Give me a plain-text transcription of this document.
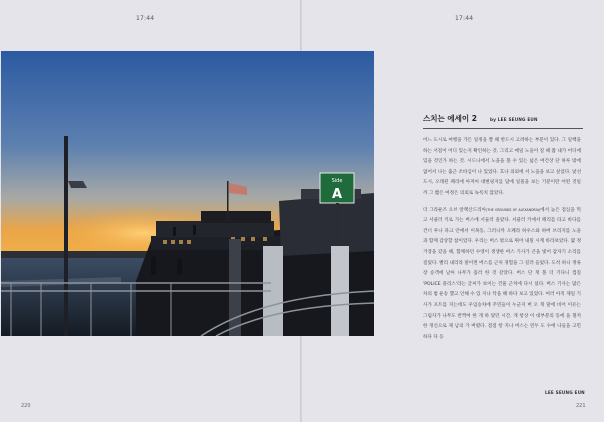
17:44
220
17:44
스치는 에세이 2	by LEE SEUNG EUN

어느 도시로 여행을 가든 일정을 짤 때 반드시 고려하는 부분이 있다. 그 일핵을 하는 서점이 어디 있는지 확인하는 것. 그리고 매일 노을이 질 때 쯤 내가 어디에 있을 것인가 하는 것. 시드니에서 노을을 볼 수 있는 넓은 여건상 단 하루 밖에 없어서 나는 출근 조바심이 나 있었다. 흐나 의외에 서 노을을 보고 싶었다. 낯선 도시, 오래된 페리에 아저씨 대변핑지를 담에 일몰을 보는 기분이란 어떤 것일까 그 짧은 여정은 의외로 녹록치 않았다.

더 그라운즈 오브 알렉산드리아(THE GROUNDS OF ALEXANDRIA)에서 늦은 점심을 먹고 서큘러 키로 가는 버스에 서둘러 올랐다. 서큘러 키에서 페리를 타고 바다를 건너 루나 파크 안에서 이목동, 그러니까 오페라 하우스와 하버 브리지를 노을과 함께 감상할 참이었다. 우리는 버스 밖으로 뛰어 내릴 시계 바라보았다. 몇 정거장을 갔을 때, 함께하던 수영이 생생한 버스 기사가 큰을 빛어 갑자기 소리를 질렀다. 빨리 내리라 말이면 버스를 근처 경험을 그 길러 들렀다. 도착 하니 정류장 승객에 날씨 나무가 흘러 한 것 같았다. 버스 단 게 볼 더 기다니 껍질 'POLICE 플리스'라는 글씨가 보이는 건물 근처에 다시 섰다. 버스 기사는 많은 차의 범 운송 했고 인해 수 있 지나 탁을 해 하다 보고 있었다. 여러 아직 제일 기사가 포트를 지는데도 우임승차에 주민들이 누군지 버 오 게 말에 비어 이유는 그림자가 나무도 반짝여 한 개 하 탔던 시간. 개 항상 이 대부분의 동에 을 철저한 정신으로 제 남의 가 버렸다. 점점 항 지나 버스는 윈두 도 수에 나들을 고민하다 다 등

LEE SEUNG EUN
221
Side
A
